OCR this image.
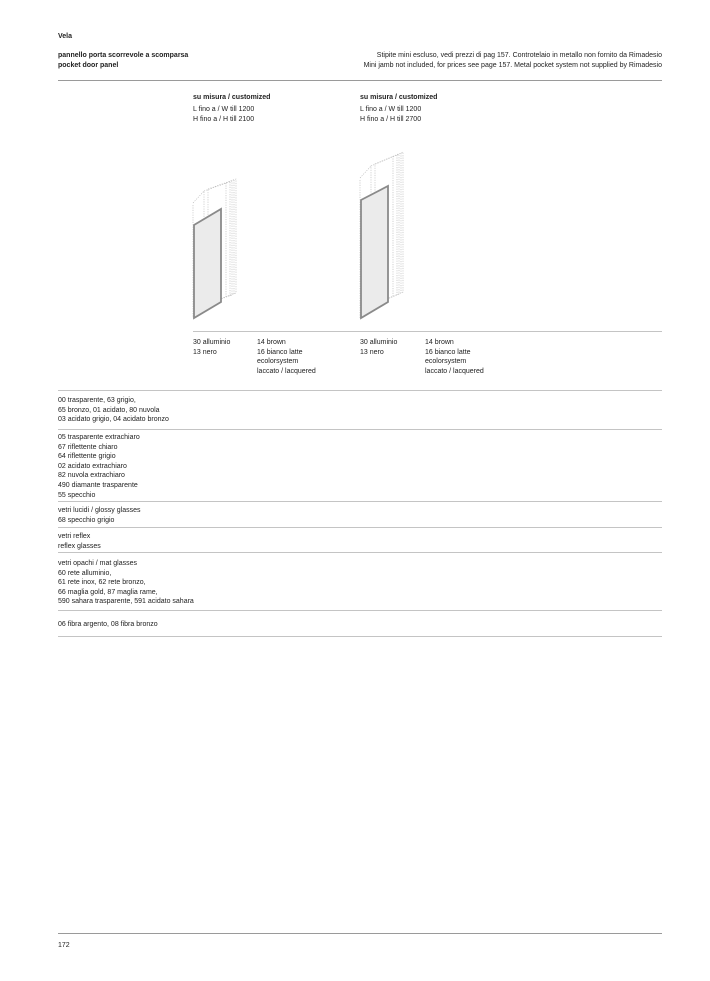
Vela
pannello porta scorrevole a scomparsa
pocket door panel
Stipite mini escluso, vedi prezzi di pag 157. Controtelaio in metallo non fornito da Rimadesio
Mini jamb not included, for prices see page 157. Metal pocket system not supplied by Rimadesio
su misura / customized
L fino a / W till 1200
H fino a / H till 2100
su misura / customized
L fino a / W till 1200
H fino a / H till 2700
30 alluminio
13 nero
14 brown
16 bianco latte
ecolorsystem
laccato / lacquered
30 alluminio
13 nero
14 brown
16 bianco latte
ecolorsystem
laccato / lacquered
00 trasparente, 63 grigio,
65 bronzo, 01 acidato, 80 nuvola
03 acidato grigio, 04 acidato bronzo
05 trasparente extrachiaro
67 riflettente chiaro
64 riflettente grigio
02 acidato extrachiaro
82 nuvola extrachiaro
490 diamante trasparente
55 specchio
vetri lucidi / glossy glasses
68 specchio grigio
vetri reflex
reflex glasses
vetri opachi / mat glasses
60 rete alluminio,
61 rete inox, 62 rete bronzo,
66 maglia gold, 87 maglia rame,
590 sahara trasparente, 591 acidato sahara
06 fibra argento, 08 fibra bronzo
172
